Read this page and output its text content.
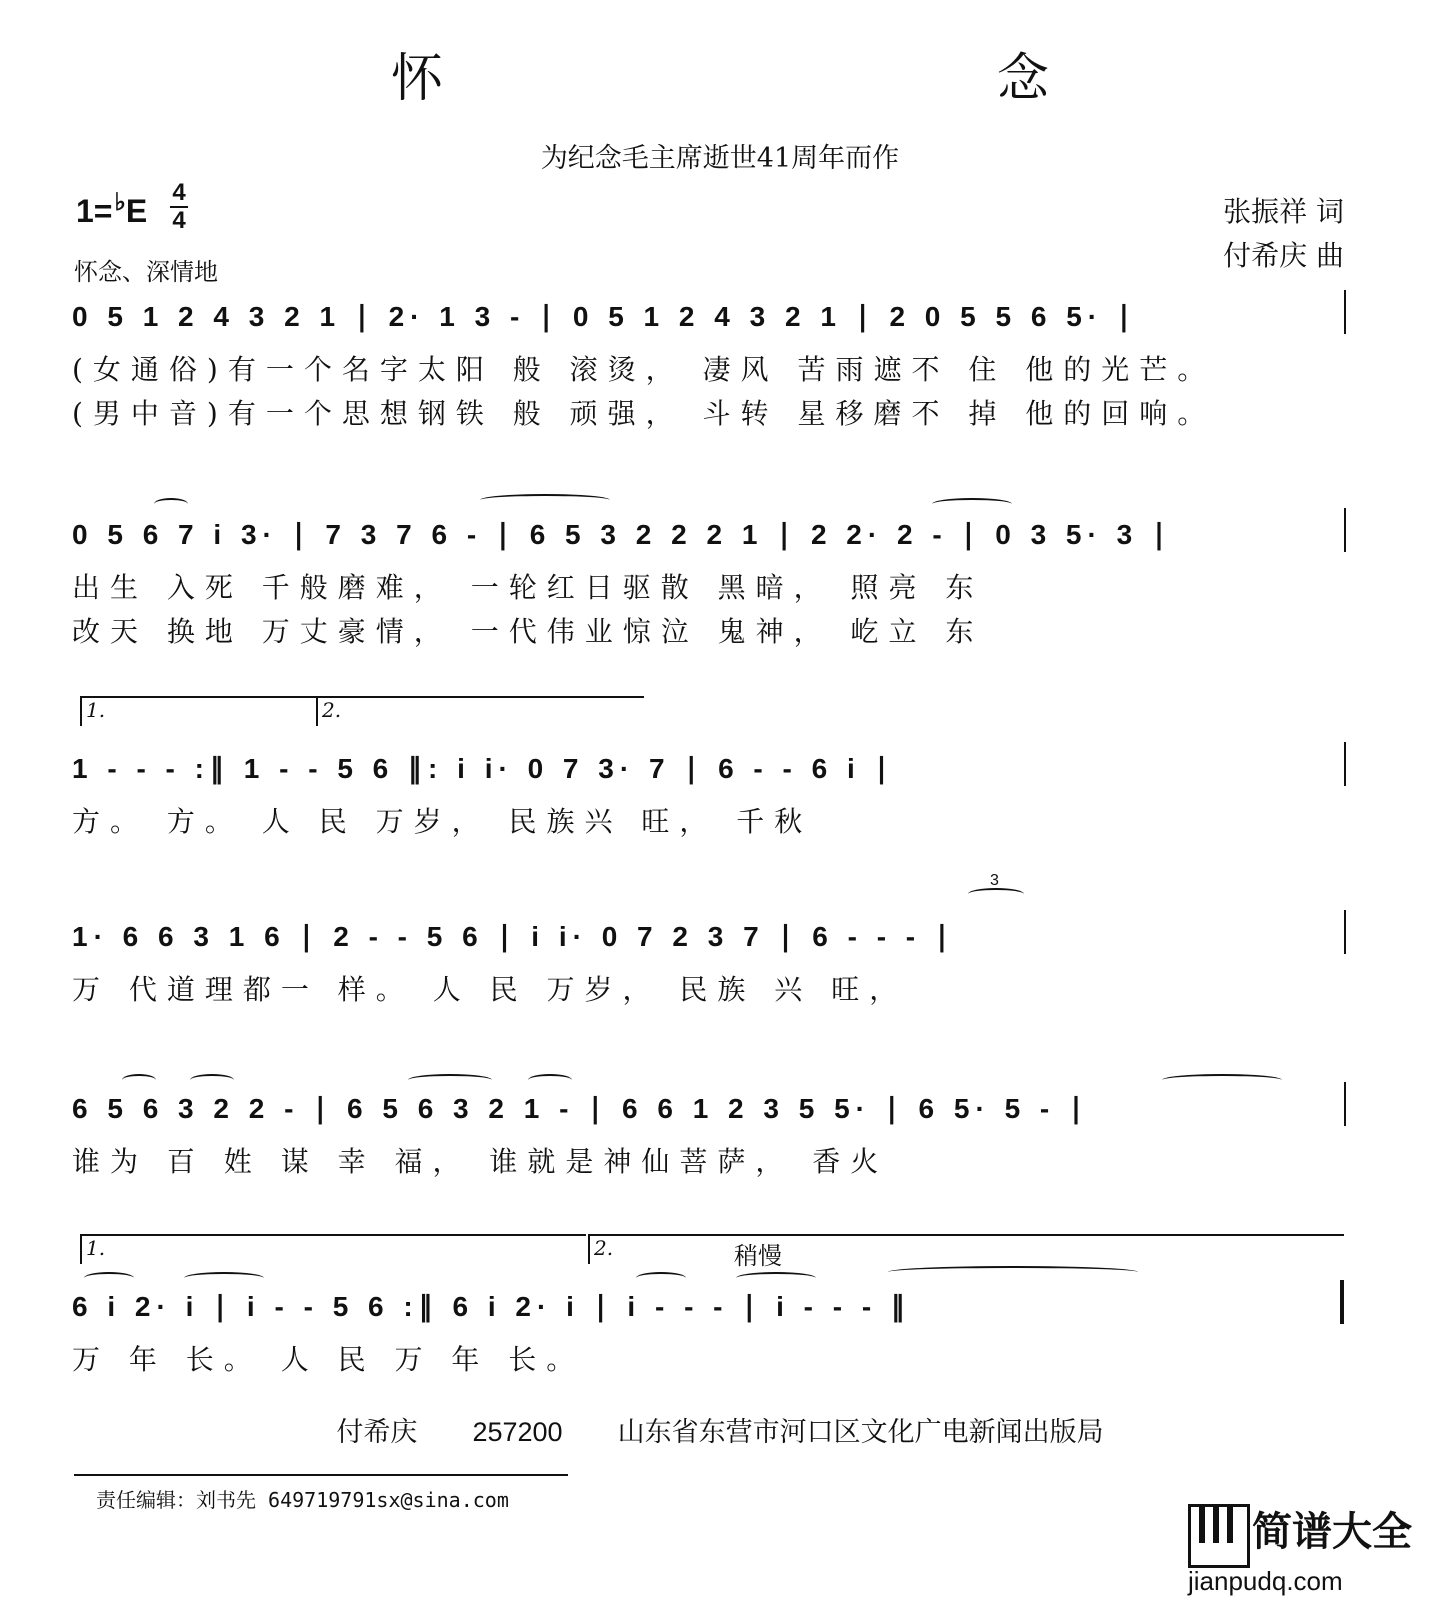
怀　　念
为纪念毛主席逝世41周年而作
1=♭E
4
4
怀念、深情地
张振祥 词
付希庆 曲
0 5 1 2 4 3 2 1 ∣ 2· 1 3 - ∣ 0 5 1 2 4 3 2 1 ∣ 2 0 5 5 6 5· ∣
(女通俗)有一个名字太阳 般 滚烫， 凄风 苦雨遮不 住 他的光芒。
(男中音)有一个思想钢铁 般 顽强， 斗转 星移磨不 掉 他的回响。
0 5 6 7 i 3· ∣ 7 3 7 6 - ∣ 6 5 3 2 2 2 1 ∣ 2 2· 2 - ∣ 0 3 5· 3 ∣
出生 入死 千般磨难， 一轮红日驱散 黑暗， 照亮 东
改天 换地 万丈豪情， 一代伟业惊泣 鬼神， 屹立 东
1.	2.
1 - - - :∥ 1 - - 5 6 ∥: i i· 0 7 3· 7 ∣ 6 - - 6 i ∣
方。 方。 人 民 万岁， 民族兴 旺， 千秋
3
1· 6 6 3 1 6 ∣ 2 - - 5 6 ∣ i i· 0 7 2 3 7 ∣ 6 - - - ∣
万 代道理都一 样。 人 民 万岁， 民族 兴 旺，
6 5 6 3 2 2 - ∣ 6 5 6 3 2 1 - ∣ 6 6 1 2 3 5 5· ∣ 6 5· 5 - ∣
谁为 百 姓 谋 幸 福， 谁就是神仙菩萨， 香火
1.	2.	稍慢
6 i 2· i ∣ i - - 5 6 :∥ 6 i 2· i ∣ i - - - ∣ i - - - ∥
万 年 长。 人 民 万 年 长。
付希庆 257200 山东省东营市河口区文化广电新闻出版局
责任编辑：刘书先 649719791sx@sina.com
简谱大全
jianpudq.com
